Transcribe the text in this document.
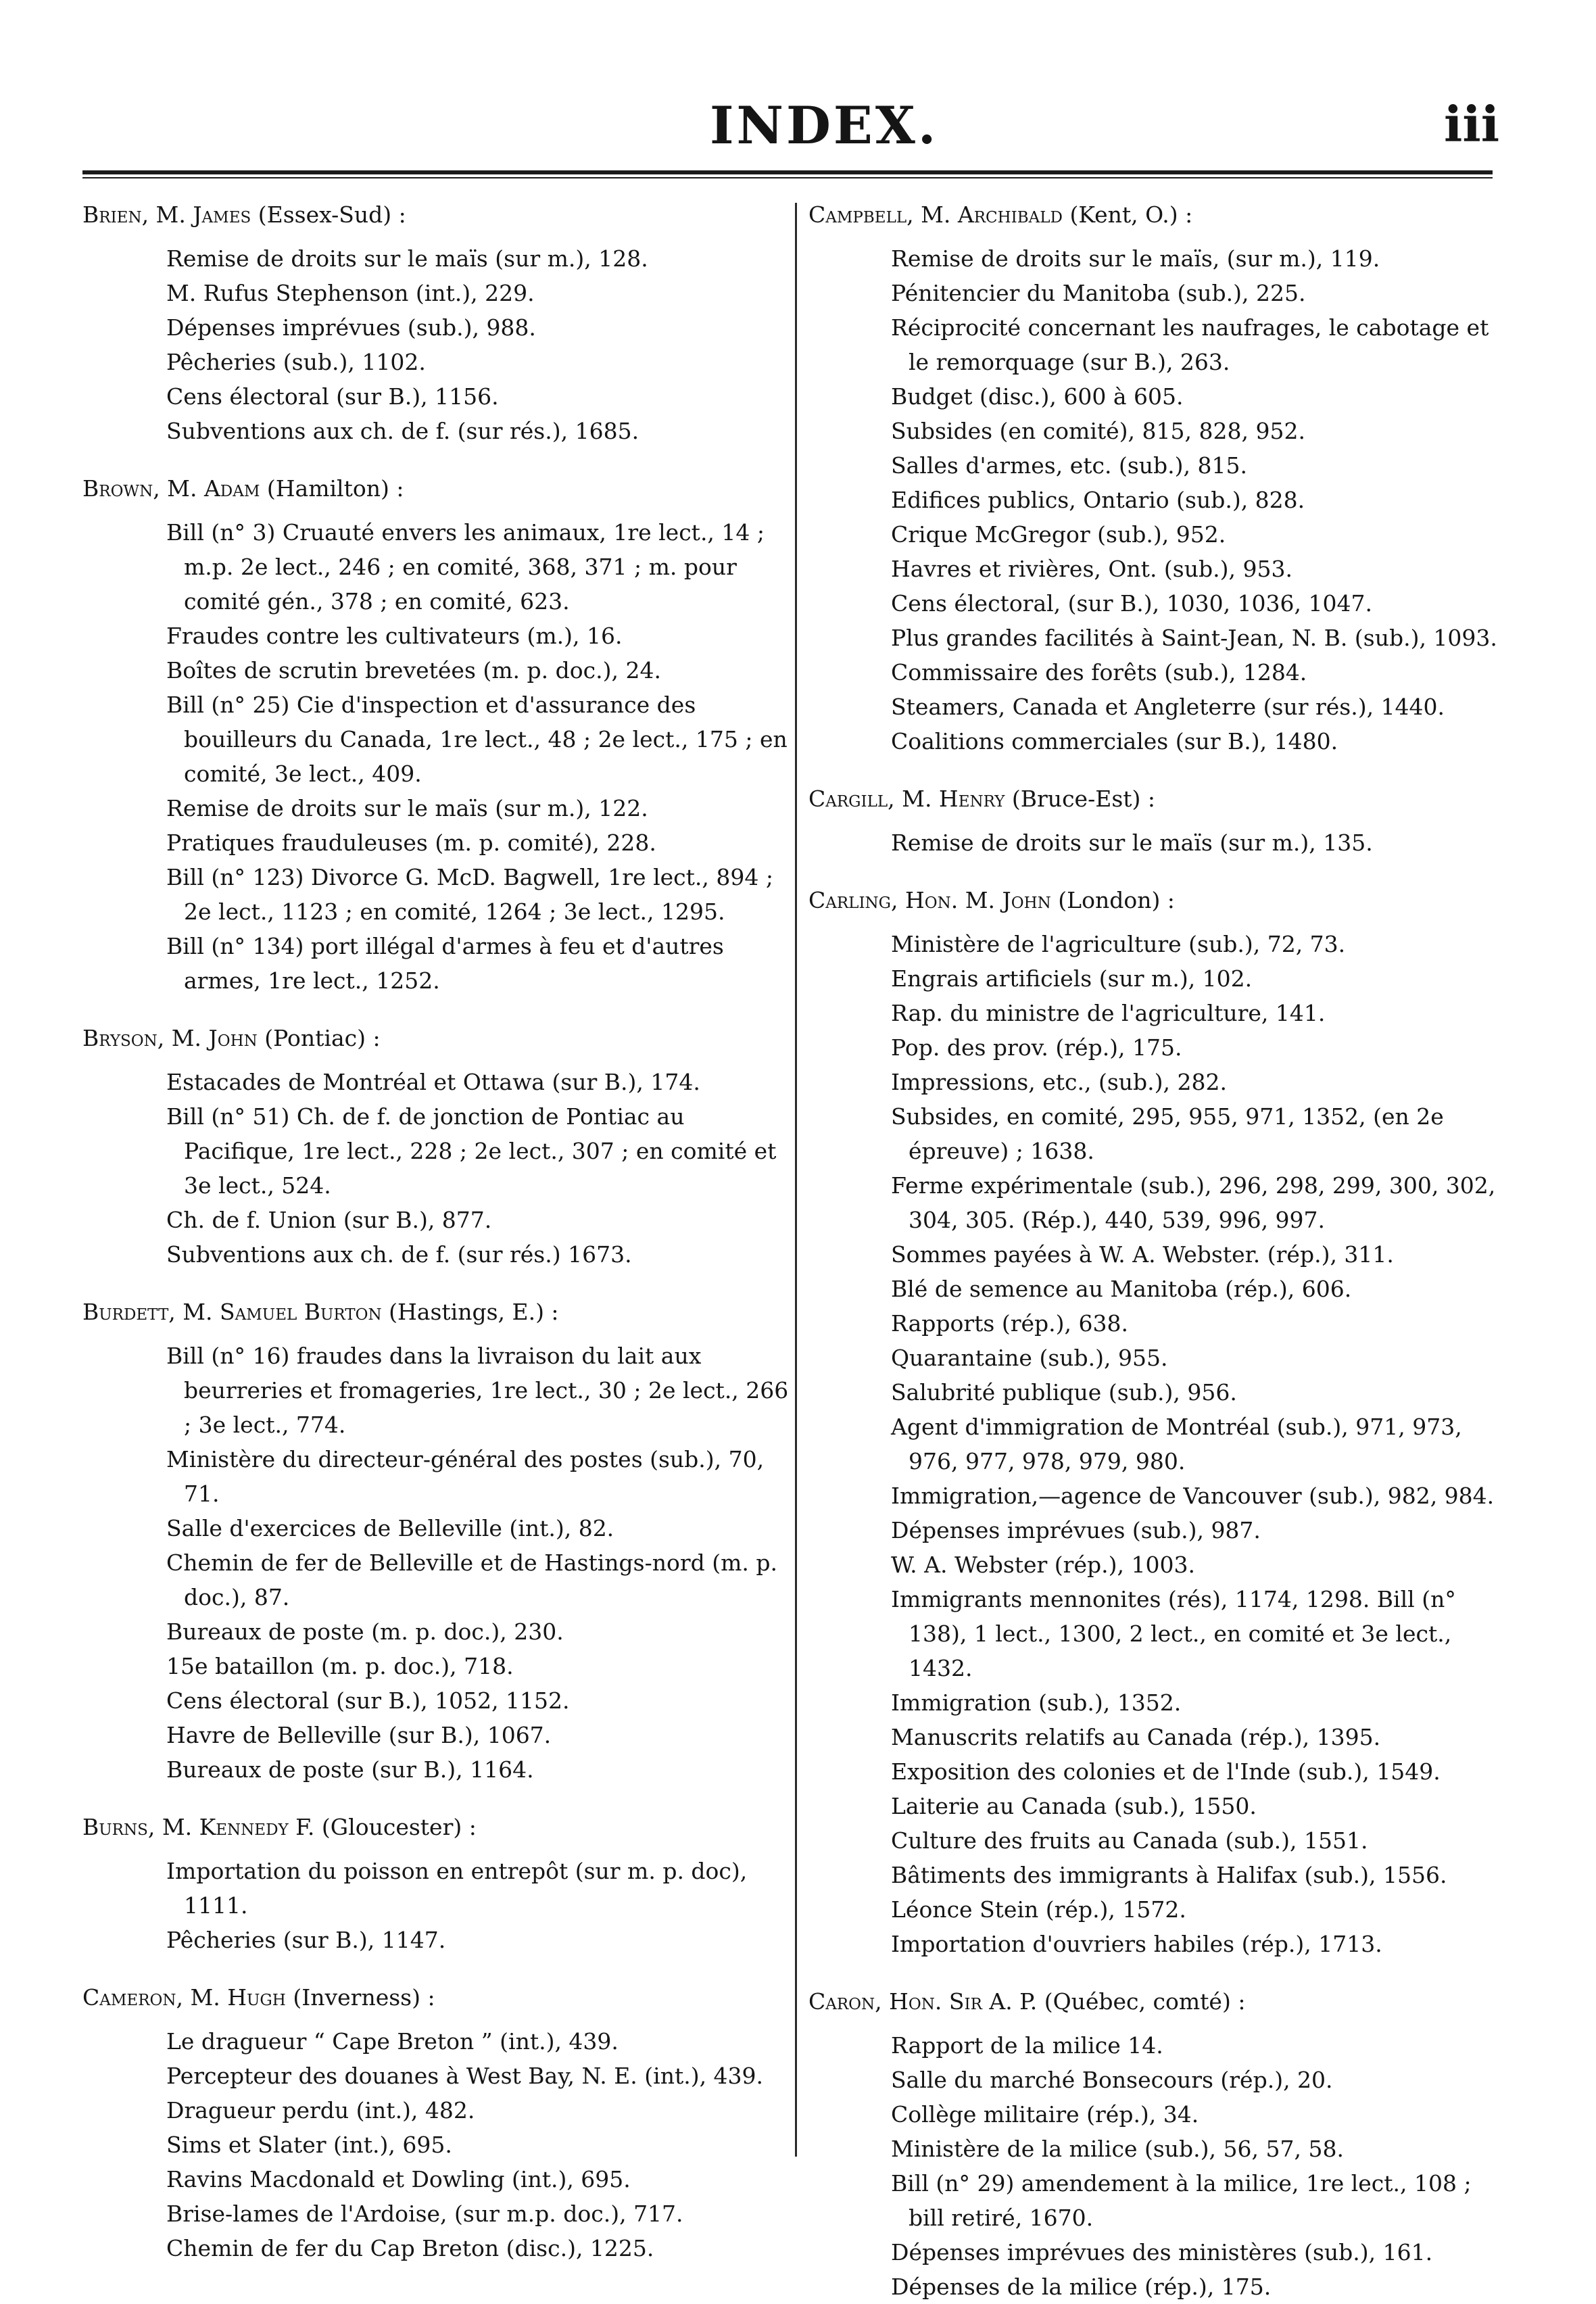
INDEX.	iii
Brien, M. James (Essex-Sud) :
Remise de droits sur le maïs (sur m.), 128.
M. Rufus Stephenson (int.), 229.
Dépenses imprévues (sub.), 988.
Pêcheries (sub.), 1102.
Cens électoral (sur B.), 1156.
Subventions aux ch. de f. (sur rés.), 1685.
Brown, M. Adam (Hamilton) :
Bill (n° 3) Cruauté envers les animaux, 1re lect., 14 ; m.p. 2e lect., 246 ; en comité, 368, 371 ; m. pour comité gén., 378 ; en comité, 623.
Fraudes contre les cultivateurs (m.), 16.
Boîtes de scrutin brevetées (m. p. doc.), 24.
Bill (n° 25) Cie d'inspection et d'assurance des bouilleurs du Canada, 1re lect., 48 ; 2e lect., 175 ; en comité, 3e lect., 409.
Remise de droits sur le maïs (sur m.), 122.
Pratiques frauduleuses (m. p. comité), 228.
Bill (n° 123) Divorce G. McD. Bagwell, 1re lect., 894 ; 2e lect., 1123 ; en comité, 1264 ; 3e lect., 1295.
Bill (n° 134) port illégal d'armes à feu et d'autres armes, 1re lect., 1252.
Bryson, M. John (Pontiac) :
Estacades de Montréal et Ottawa (sur B.), 174.
Bill (n° 51) Ch. de f. de jonction de Pontiac au Pacifique, 1re lect., 228 ; 2e lect., 307 ; en comité et 3e lect., 524.
Ch. de f. Union (sur B.), 877.
Subventions aux ch. de f. (sur rés.) 1673.
Burdett, M. Samuel Burton (Hastings, E.) :
Bill (n° 16) fraudes dans la livraison du lait aux beurreries et fromageries, 1re lect., 30 ; 2e lect., 266 ; 3e lect., 774.
Ministère du directeur-général des postes (sub.), 70, 71.
Salle d'exercices de Belleville (int.), 82.
Chemin de fer de Belleville et de Hastings-nord (m. p. doc.), 87.
Bureaux de poste (m. p. doc.), 230.
15e bataillon (m. p. doc.), 718.
Cens électoral (sur B.), 1052, 1152.
Havre de Belleville (sur B.), 1067.
Bureaux de poste (sur B.), 1164.
Burns, M. Kennedy F. (Gloucester) :
Importation du poisson en entrepôt (sur m. p. doc), 1111.
Pêcheries (sur B.), 1147.
Cameron, M. Hugh (Inverness) :
Le dragueur “ Cape Breton ” (int.), 439.
Percepteur des douanes à West Bay, N. E. (int.), 439.
Dragueur perdu (int.), 482.
Sims et Slater (int.), 695.
Ravins Macdonald et Dowling (int.), 695.
Brise-lames de l'Ardoise, (sur m.p. doc.), 717.
Chemin de fer du Cap Breton (disc.), 1225.
Campbell, M. Archibald (Kent, O.) :
Remise de droits sur le maïs, (sur m.), 119.
Pénitencier du Manitoba (sub.), 225.
Réciprocité concernant les naufrages, le cabotage et le remorquage (sur B.), 263.
Budget (disc.), 600 à 605.
Subsides (en comité), 815, 828, 952.
Salles d'armes, etc. (sub.), 815.
Edifices publics, Ontario (sub.), 828.
Crique McGregor (sub.), 952.
Havres et rivières, Ont. (sub.), 953.
Cens électoral, (sur B.), 1030, 1036, 1047.
Plus grandes facilités à Saint-Jean, N. B. (sub.), 1093.
Commissaire des forêts (sub.), 1284.
Steamers, Canada et Angleterre (sur rés.), 1440.
Coalitions commerciales (sur B.), 1480.
Cargill, M. Henry (Bruce-Est) :
Remise de droits sur le maïs (sur m.), 135.
Carling, Hon. M. John (London) :
Ministère de l'agriculture (sub.), 72, 73.
Engrais artificiels (sur m.), 102.
Rap. du ministre de l'agriculture, 141.
Pop. des prov. (rép.), 175.
Impressions, etc., (sub.), 282.
Subsides, en comité, 295, 955, 971, 1352, (en 2e épreuve) ; 1638.
Ferme expérimentale (sub.), 296, 298, 299, 300, 302, 304, 305. (Rép.), 440, 539, 996, 997.
Sommes payées à W. A. Webster. (rép.), 311.
Blé de semence au Manitoba (rép.), 606.
Rapports (rép.), 638.
Quarantaine (sub.), 955.
Salubrité publique (sub.), 956.
Agent d'immigration de Montréal (sub.), 971, 973, 976, 977, 978, 979, 980.
Immigration,—agence de Vancouver (sub.), 982, 984.
Dépenses imprévues (sub.), 987.
W. A. Webster (rép.), 1003.
Immigrants mennonites (rés), 1174, 1298. Bill (n° 138), 1 lect., 1300, 2 lect., en comité et 3e lect., 1432.
Immigration (sub.), 1352.
Manuscrits relatifs au Canada (rép.), 1395.
Exposition des colonies et de l'Inde (sub.), 1549.
Laiterie au Canada (sub.), 1550.
Culture des fruits au Canada (sub.), 1551.
Bâtiments des immigrants à Halifax (sub.), 1556.
Léonce Stein (rép.), 1572.
Importation d'ouvriers habiles (rép.), 1713.
Caron, Hon. Sir A. P. (Québec, comté) :
Rapport de la milice 14.
Salle du marché Bonsecours (rép.), 20.
Collège militaire (rép.), 34.
Ministère de la milice (sub.), 56, 57, 58.
Bill (n° 29) amendement à la milice, 1re lect., 108 ; bill retiré, 1670.
Dépenses imprévues des ministères (sub.), 161.
Dépenses de la milice (rép.), 175.
